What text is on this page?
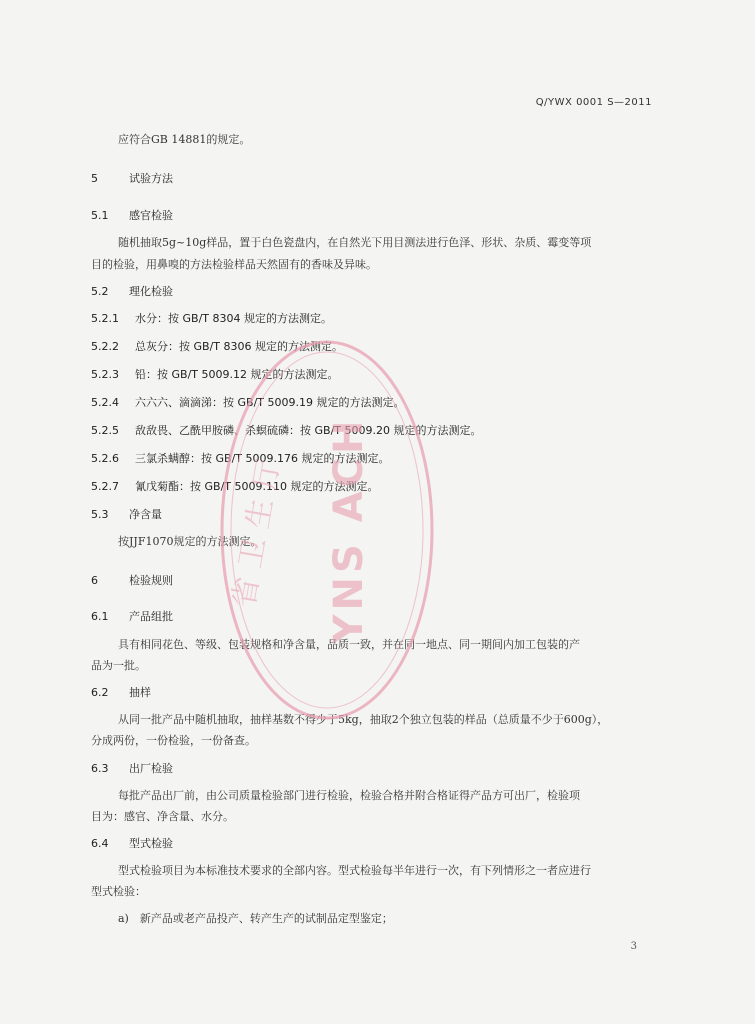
Q/YWX 0001 S—2011
应符合GB 14881的规定。
5	试验方法
5.1 感官检验
随机抽取5g~10g样品，置于白色瓷盘内，在自然光下用目测法进行色泽、形状、杂质、霉变等项
目的检验，用鼻嗅的方法检验样品天然固有的香味及异味。
5.2 理化检验
5.2.1 水分：按 GB/T 8304 规定的方法测定。
5.2.2 总灰分：按 GB/T 8306 规定的方法测定。
5.2.3 铅：按 GB/T 5009.12 规定的方法测定。
5.2.4 六六六、滴滴涕：按 GB/T 5009.19 规定的方法测定。
5.2.5 敌敌畏、乙酰甲胺磷、杀螟硫磷：按 GB/T 5009.20 规定的方法测定。
5.2.6 三氯杀螨醇：按 GB/T 5009.176 规定的方法测定。
5.2.7 氰戊菊酯：按 GB/T 5009.110 规定的方法测定。
5.3 净含量
按JJF1070规定的方法测定。
6	检验规则
6.1 产品组批
具有相同花色、等级、包装规格和净含量，品质一致，并在同一地点、同一期间内加工包装的产
品为一批。
6.2 抽样
从同一批产品中随机抽取，抽样基数不得少于5kg，抽取2个独立包装的样品（总质量不少于600g），
分成两份，一份检验，一份备查。
6.3 出厂检验
每批产品出厂前，由公司质量检验部门进行检验，检验合格并附合格证得产品方可出厂，检验项
目为：感官、净含量、水分。
6.4 型式检验
型式检验项目为本标准技术要求的全部内容。型式检验每半年进行一次，有下列情形之一者应进行
型式检验：
a)　新产品或老产品投产、转产生产的试制品定型鉴定；
YNS ACH
省卫生厅
3
